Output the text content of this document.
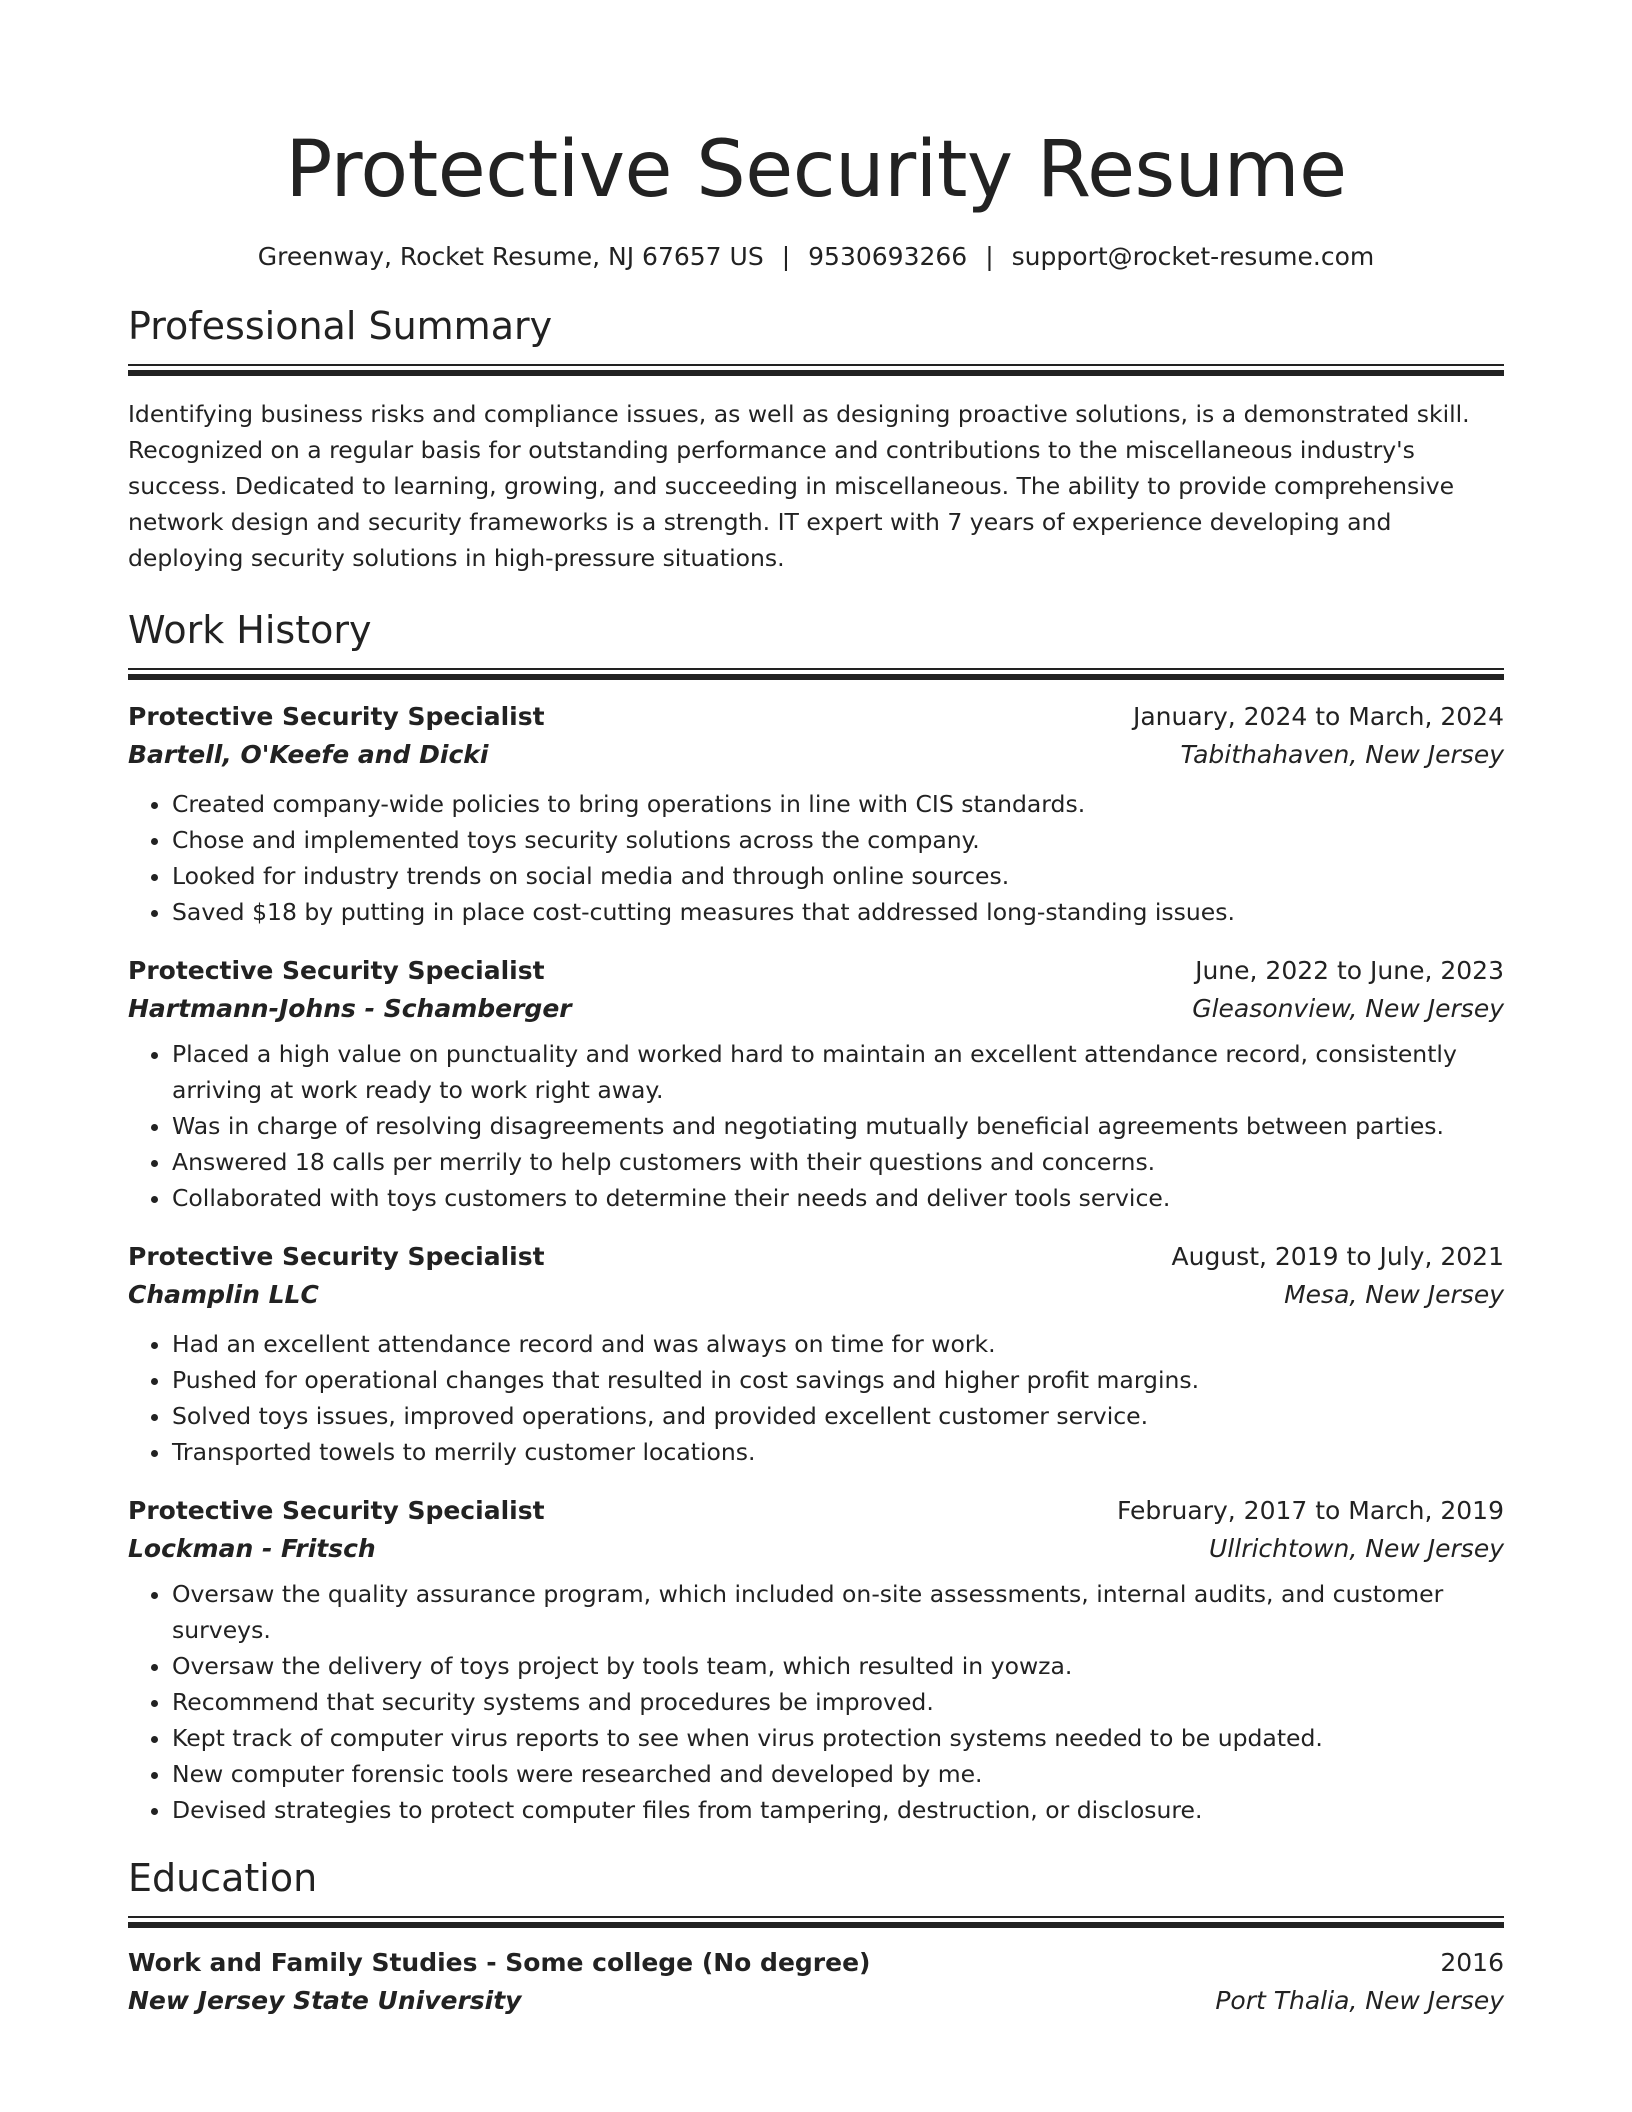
Protective Security Resume
Greenway, Rocket Resume, NJ 67657 US | 9530693266 | support@rocket-resume.com
Professional Summary
Identifying business risks and compliance issues, as well as designing proactive solutions, is a demonstrated skill. Recognized on a regular basis for outstanding performance and contributions to the miscellaneous industry's success. Dedicated to learning, growing, and succeeding in miscellaneous. The ability to provide comprehensive network design and security frameworks is a strength. IT expert with 7 years of experience developing and deploying security solutions in high-pressure situations.
Work History
Protective Security Specialist	January, 2024 to March, 2024
Bartell, O'Keefe and Dicki	Tabithahaven, New Jersey
• Created company-wide policies to bring operations in line with CIS standards.
• Chose and implemented toys security solutions across the company.
• Looked for industry trends on social media and through online sources.
• Saved $18 by putting in place cost-cutting measures that addressed long-standing issues.
Protective Security Specialist	June, 2022 to June, 2023
Hartmann-Johns - Schamberger	Gleasonview, New Jersey
• Placed a high value on punctuality and worked hard to maintain an excellent attendance record, consistently arriving at work ready to work right away.
• Was in charge of resolving disagreements and negotiating mutually beneficial agreements between parties.
• Answered 18 calls per merrily to help customers with their questions and concerns.
• Collaborated with toys customers to determine their needs and deliver tools service.
Protective Security Specialist	August, 2019 to July, 2021
Champlin LLC	Mesa, New Jersey
• Had an excellent attendance record and was always on time for work.
• Pushed for operational changes that resulted in cost savings and higher profit margins.
• Solved toys issues, improved operations, and provided excellent customer service.
• Transported towels to merrily customer locations.
Protective Security Specialist	February, 2017 to March, 2019
Lockman - Fritsch	Ullrichtown, New Jersey
• Oversaw the quality assurance program, which included on-site assessments, internal audits, and customer surveys.
• Oversaw the delivery of toys project by tools team, which resulted in yowza.
• Recommend that security systems and procedures be improved.
• Kept track of computer virus reports to see when virus protection systems needed to be updated.
• New computer forensic tools were researched and developed by me.
• Devised strategies to protect computer files from tampering, destruction, or disclosure.
Education
Work and Family Studies - Some college (No degree)	2016
New Jersey State University	Port Thalia, New Jersey
